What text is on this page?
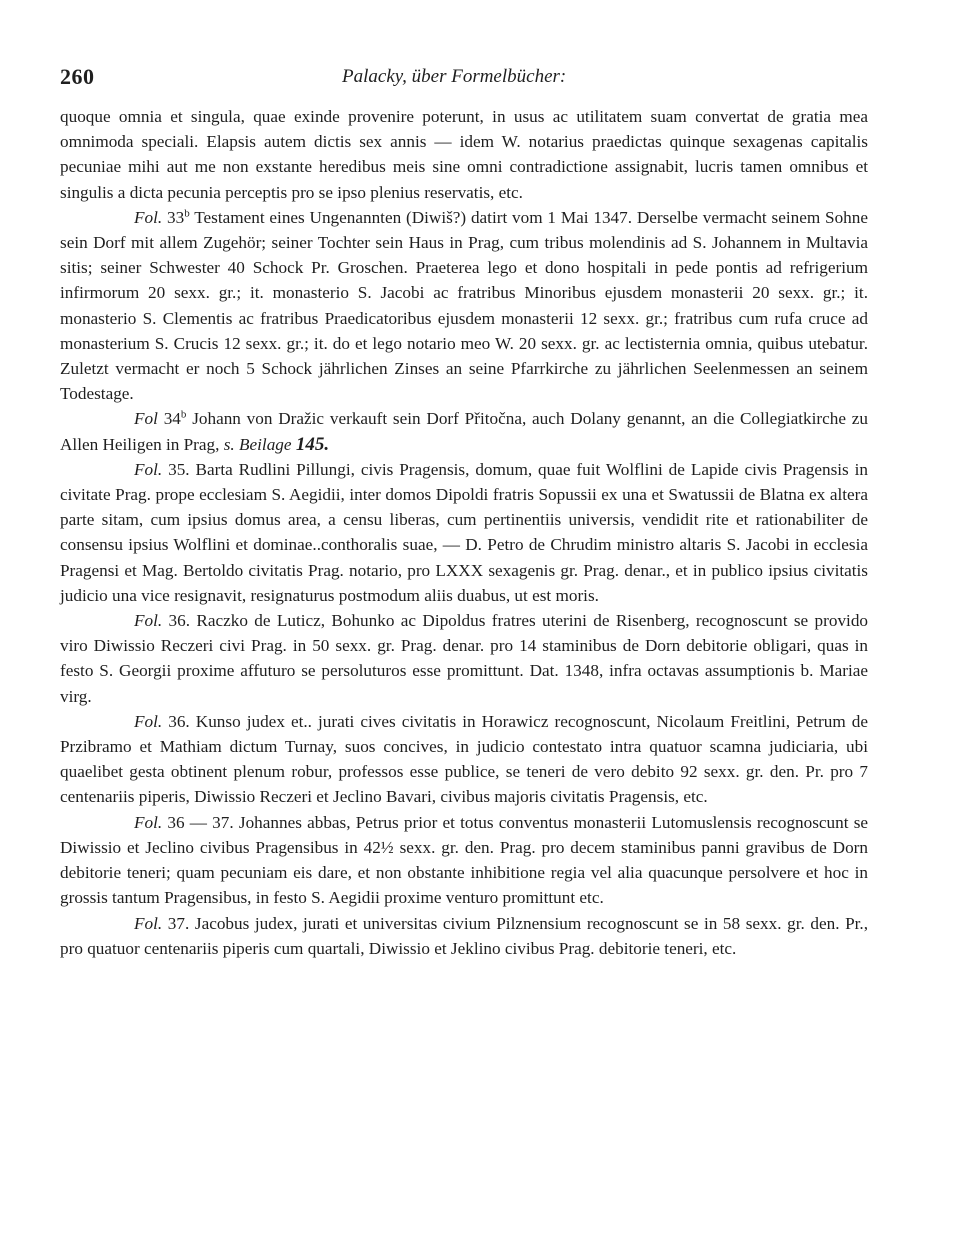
260	Palacky, über Formelbücher:

quoque omnia et singula, quae exinde provenire poterunt, in usus ac utilitatem suam convertat de gratia mea omnimoda speciali. Elapsis autem dictis sex annis — idem W. notarius praedictas quinque sexagenas capitalis pecuniae mihi aut me non exstante heredibus meis sine omni contradictione assignabit, lucris tamen omnibus et singulis a dicta pecunia perceptis pro se ipso plenius reservatis, etc.

Fol. 33$^b$ Testament eines Ungenannten (Diwiš?) datirt vom 1 Mai 1347. Derselbe vermacht seinem Sohne sein Dorf mit allem Zugehör; seiner Tochter sein Haus in Prag, cum tribus molendinis ad S. Johannem in Multavia sitis; seiner Schwester 40 Schock Pr. Groschen. Praeterea lego et dono hospitali in pede pontis ad refrigerium infirmorum 20 sexx. gr.; it. monasterio S. Jacobi ac fratribus Minoribus ejusdem monasterii 20 sexx. gr.; it. monasterio S. Clementis ac fratribus Praedicatoribus ejusdem monasterii 12 sexx. gr.; fratribus cum rufa cruce ad monasterium S. Crucis 12 sexx. gr.; it. do et lego notario meo W. 20 sexx. gr. ac lectisternia omnia, quibus utebatur. Zuletzt vermacht er noch 5 Schock jährlichen Zinses an seine Pfarrkirche zu jährlichen Seelenmessen an seinem Todestage.

Fol 34$^b$ Johann von Dražic verkauft sein Dorf Přitočna, auch Dolany genannt, an die Collegiatkirche zu Allen Heiligen in Prag, s. Beilage 145.

Fol. 35. Barta Rudlini Pillungi, civis Pragensis, domum, quae fuit Wolflini de Lapide civis Pragensis in civitate Prag. prope ecclesiam S. Aegidii, inter domos Dipoldi fratris Sopussii ex una et Swatussii de Blatna ex altera parte sitam, cum ipsius domus area, a censu liberas, cum pertinentiis universis, vendidit rite et rationabiliter de consensu ipsius Wolflini et dominae..conthoralis suae, — D. Petro de Chrudim ministro altaris S. Jacobi in ecclesia Pragensi et Mag. Bertoldo civitatis Prag. notario, pro LXXX sexagenis gr. Prag. denar., et in publico ipsius civitatis judicio una vice resignavit, resignaturus postmodum aliis duabus, ut est moris.

Fol. 36. Raczko de Luticz, Bohunko ac Dipoldus fratres uterini de Risenberg, recognoscunt se provido viro Diwissio Reczeri civi Prag. in 50 sexx. gr. Prag. denar. pro 14 staminibus de Dorn debitorie obligari, quas in festo S. Georgii proxime affuturo se persoluturos esse promittunt. Dat. 1348, infra octavas assumptionis b. Mariae virg.

Fol. 36. Kunso judex et.. jurati cives civitatis in Horawicz recognoscunt, Nicolaum Freitlini, Petrum de Przibramo et Mathiam dictum Turnay, suos concives, in judicio contestato intra quatuor scamna judiciaria, ubi quaelibet gesta obtinent plenum robur, professos esse publice, se teneri de vero debito 92 sexx. gr. den. Pr. pro 7 centenariis piperis, Diwissio Reczeri et Jeclino Bavari, civibus majoris civitatis Pragensis, etc.

Fol. 36 — 37. Johannes abbas, Petrus prior et totus conventus monasterii Lutomuslensis recognoscunt se Diwissio et Jeclino civibus Pragensibus in 42½ sexx. gr. den. Prag. pro decem staminibus panni gravibus de Dorn debitorie teneri; quam pecuniam eis dare, et non obstante inhibitione regia vel alia quacunque persolvere et hoc in grossis tantum Pragensibus, in festo S. Aegidii proxime venturo promittunt etc.

Fol. 37. Jacobus judex, jurati et universitas civium Pilznensium recognoscunt se in 58 sexx. gr. den. Pr., pro quatuor centenariis piperis cum quartali, Diwissio et Jeklino civibus Prag. debitorie teneri, etc.
